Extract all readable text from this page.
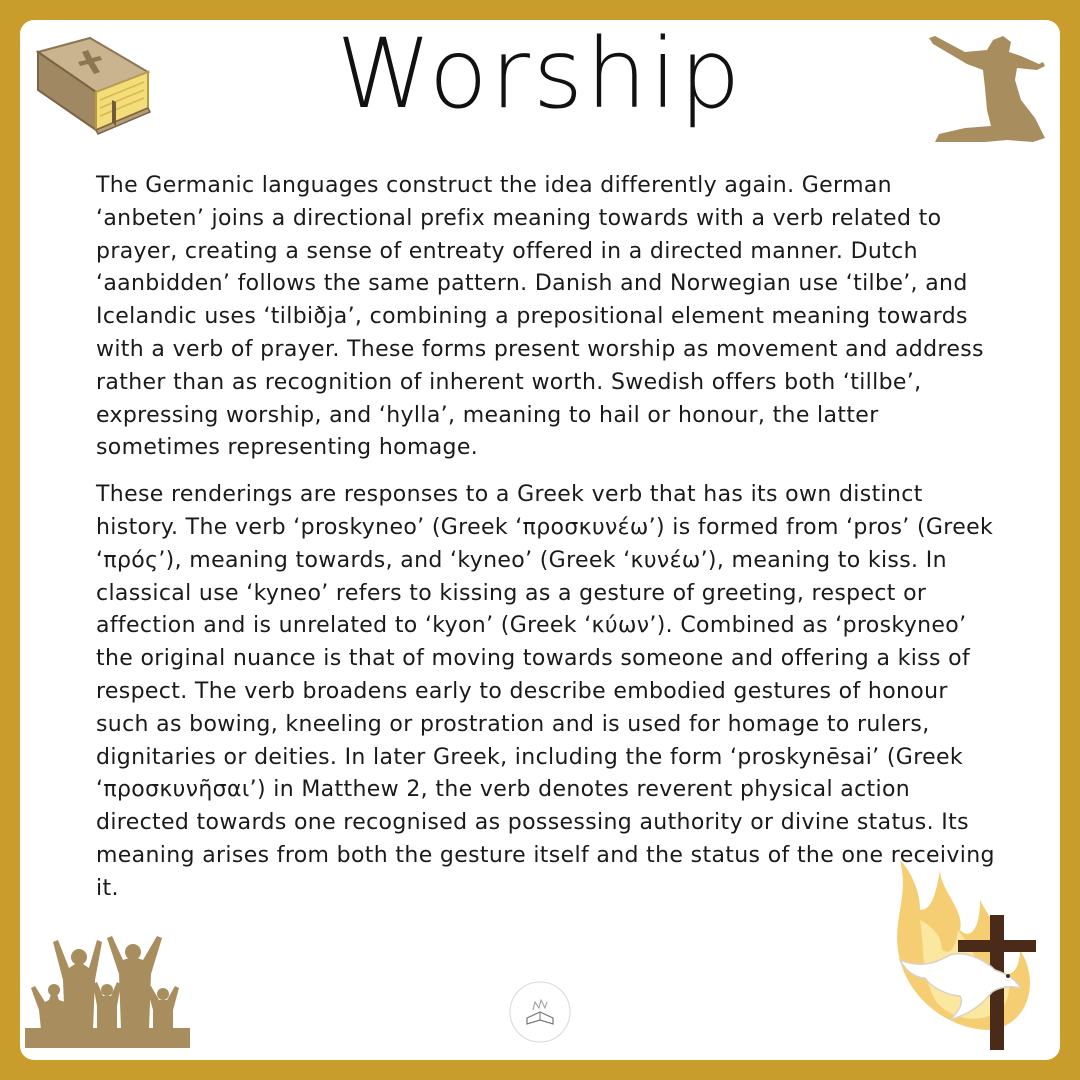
Worship

The Germanic languages construct the idea differently again. German ‘anbeten’ joins a directional prefix meaning towards with a verb related to prayer, creating a sense of entreaty offered in a directed manner. Dutch ‘aanbidden’ follows the same pattern. Danish and Norwegian use ‘tilbe’, and Icelandic uses ‘tilbiðja’, combining a prepositional element meaning towards with a verb of prayer. These forms present worship as movement and address rather than as recognition of inherent worth. Swedish offers both ‘tillbe’, expressing worship, and ‘hylla’, meaning to hail or honour, the latter sometimes representing homage.

These renderings are responses to a Greek verb that has its own distinct history. The verb ‘proskyneo’ (Greek ‘προσκυνέω’) is formed from ‘pros’ (Greek ‘πρός’), meaning towards, and ‘kyneo’ (Greek ‘κυνέω’), meaning to kiss. In classical use ‘kyneo’ refers to kissing as a gesture of greeting, respect or affection and is unrelated to ‘kyon’ (Greek ‘κύων’). Combined as ‘proskyneo’ the original nuance is that of moving towards someone and offering a kiss of respect. The verb broadens early to describe embodied gestures of honour such as bowing, kneeling or prostration and is used for homage to rulers, dignitaries or deities. In later Greek, including the form ‘proskynēsai’ (Greek ‘προσκυνῆσαι’) in Matthew 2, the verb denotes reverent physical action directed towards one recognised as possessing authority or divine status. Its meaning arises from both the gesture itself and the status of the one receiving it.
